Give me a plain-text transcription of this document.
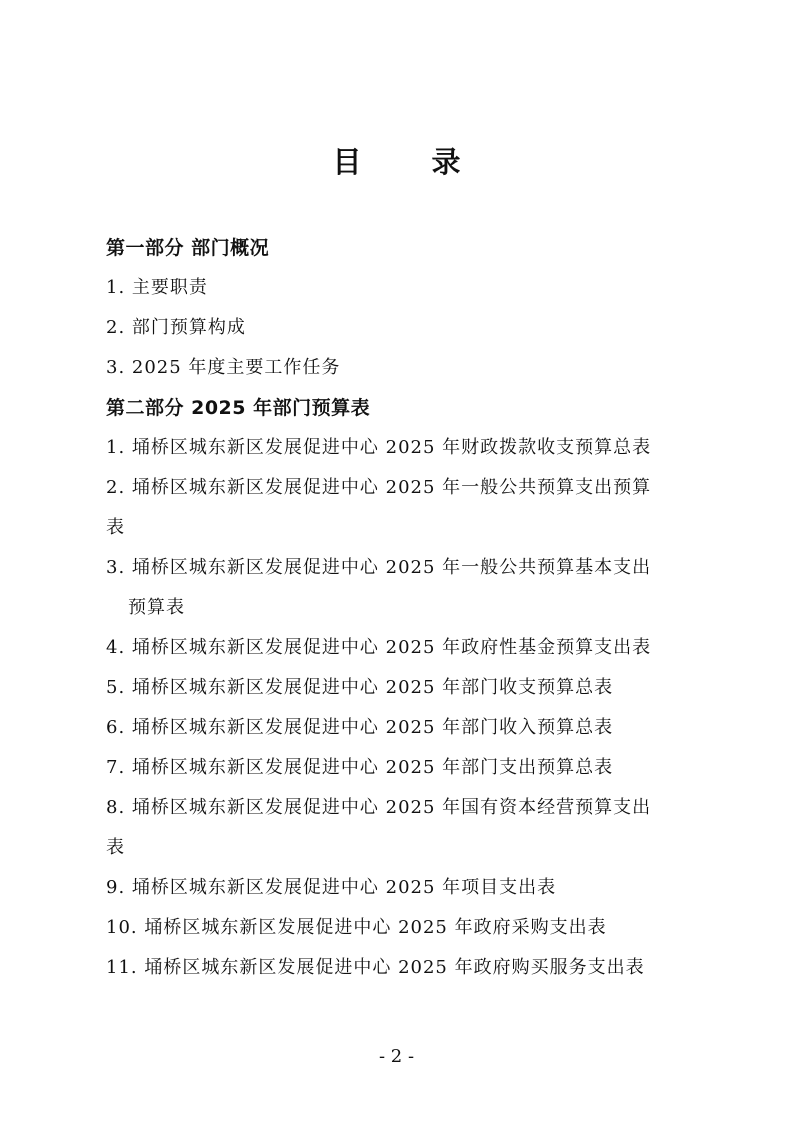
目 录
第一部分 部门概况
1. 主要职责
2. 部门预算构成
3. 2025 年度主要工作任务
第二部分 2025 年部门预算表
1. 埇桥区城东新区发展促进中心 2025 年财政拨款收支预算总表
2. 埇桥区城东新区发展促进中心 2025 年一般公共预算支出预算
表
3. 埇桥区城东新区发展促进中心 2025 年一般公共预算基本支出
预算表
4. 埇桥区城东新区发展促进中心 2025 年政府性基金预算支出表
5. 埇桥区城东新区发展促进中心 2025 年部门收支预算总表
6. 埇桥区城东新区发展促进中心 2025 年部门收入预算总表
7. 埇桥区城东新区发展促进中心 2025 年部门支出预算总表
8. 埇桥区城东新区发展促进中心 2025 年国有资本经营预算支出
表
9. 埇桥区城东新区发展促进中心 2025 年项目支出表
10. 埇桥区城东新区发展促进中心 2025 年政府采购支出表
11. 埇桥区城东新区发展促进中心 2025 年政府购买服务支出表
- 2 -
